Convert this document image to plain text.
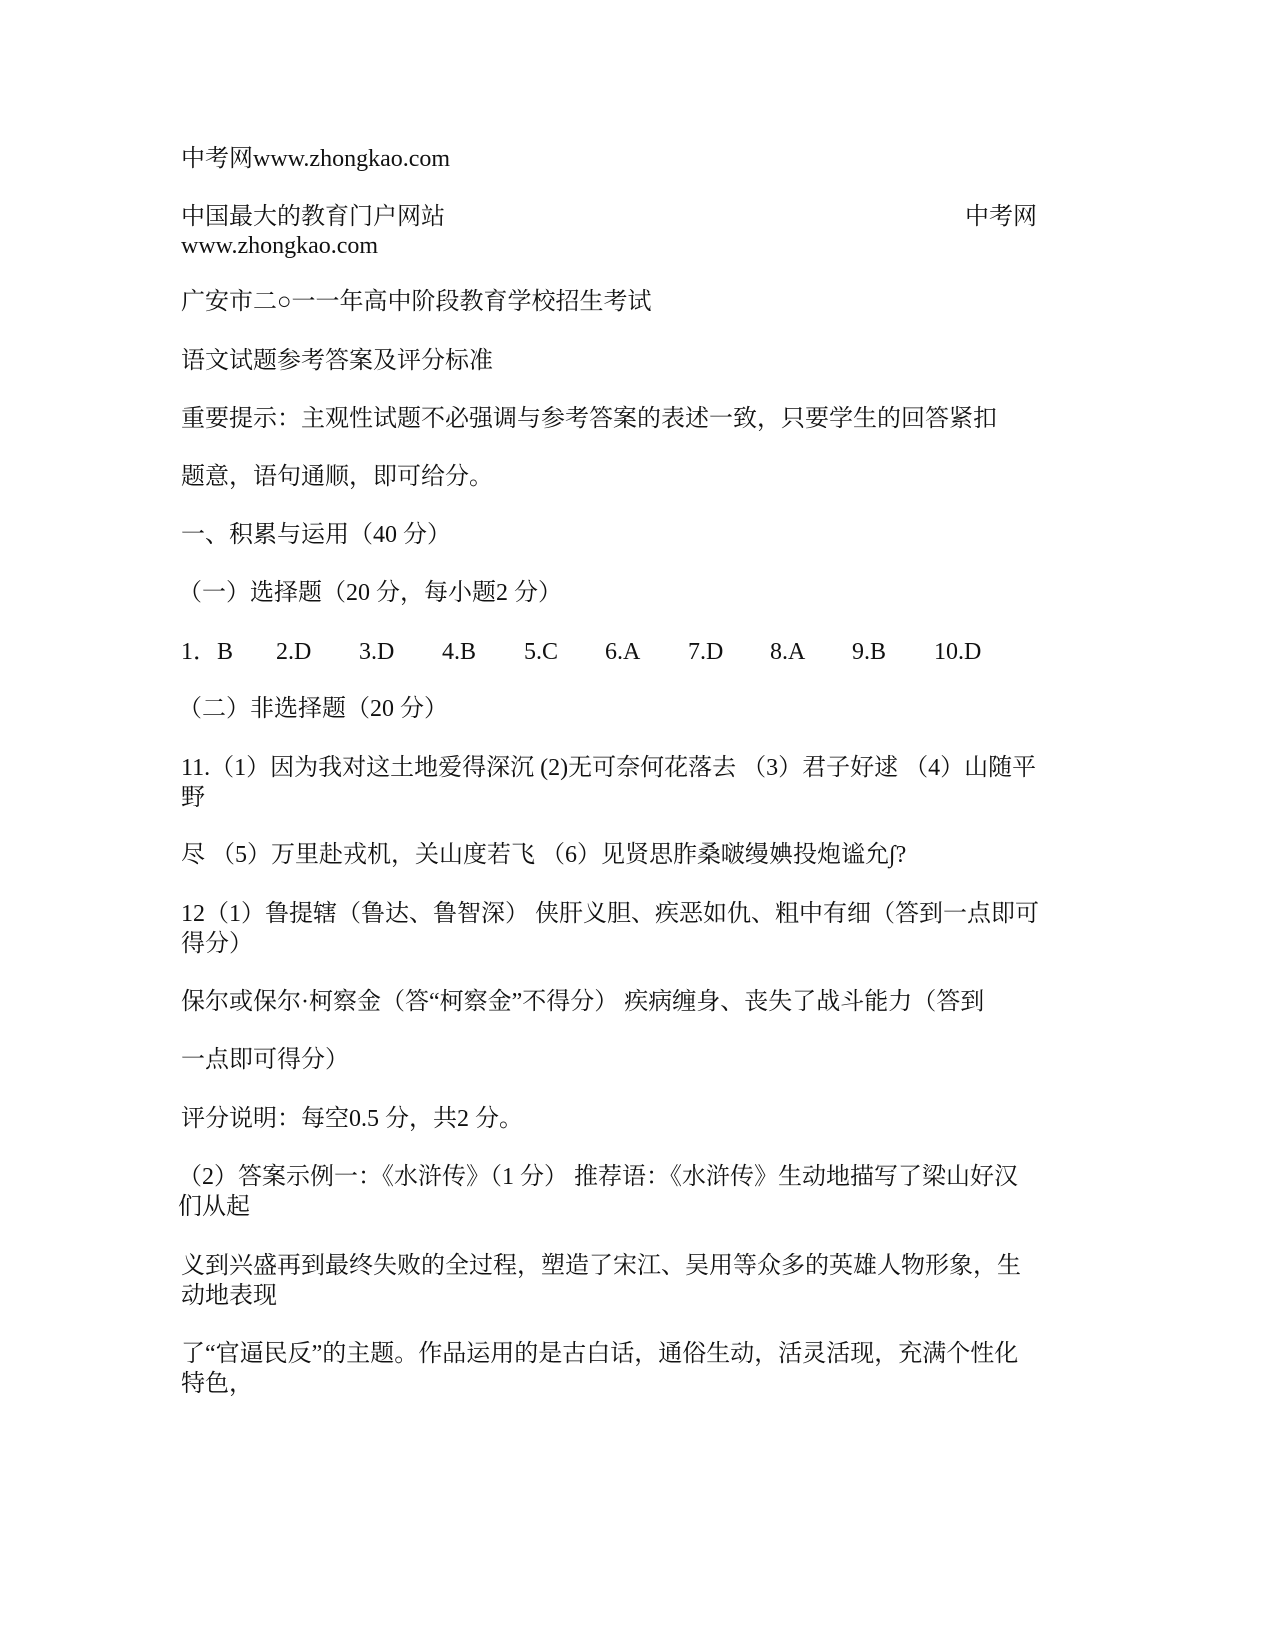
中考网www.zhongkao.com
中国最大的教育门户网站	中考网
www.zhongkao.com
广安市二○一一年高中阶段教育学校招生考试
语文试题参考答案及评分标准
重要提示：主观性试题不必强调与参考答案的表述一致，只要学生的回答紧扣
题意，语句通顺，即可给分。
一、积累与运用（40 分）
（一）选择题（20 分，每小题2 分）
1．B 2.D 3.D 4.B 5.C 6.A 7.D 8.A 9.B 10.D
（二）非选择题（20 分）
11.（1）因为我对这土地爱得深沉 (2)无可奈何花落去 （3）君子好逑 （4）山随平野
尽 （5）万里赴戎机，关山度若飞 （6）见贤思胙桑啵缦婰投炮谧允∫?
12（1）鲁提辖（鲁达、鲁智深） 侠肝义胆、疾恶如仇、粗中有细（答到一点即可得分）
保尔或保尔·柯察金（答“柯察金”不得分） 疾病缠身、丧失了战斗能力（答到
一点即可得分）
评分说明：每空0.5 分，共2 分。
（2）答案示例一：《水浒传》（1 分） 推荐语：《水浒传》生动地描写了梁山好汉们从起
义到兴盛再到最终失败的全过程，塑造了宋江、吴用等众多的英雄人物形象，生动地表现
了“官逼民反”的主题。作品运用的是古白话，通俗生动，活灵活现，充满个性化特色，
